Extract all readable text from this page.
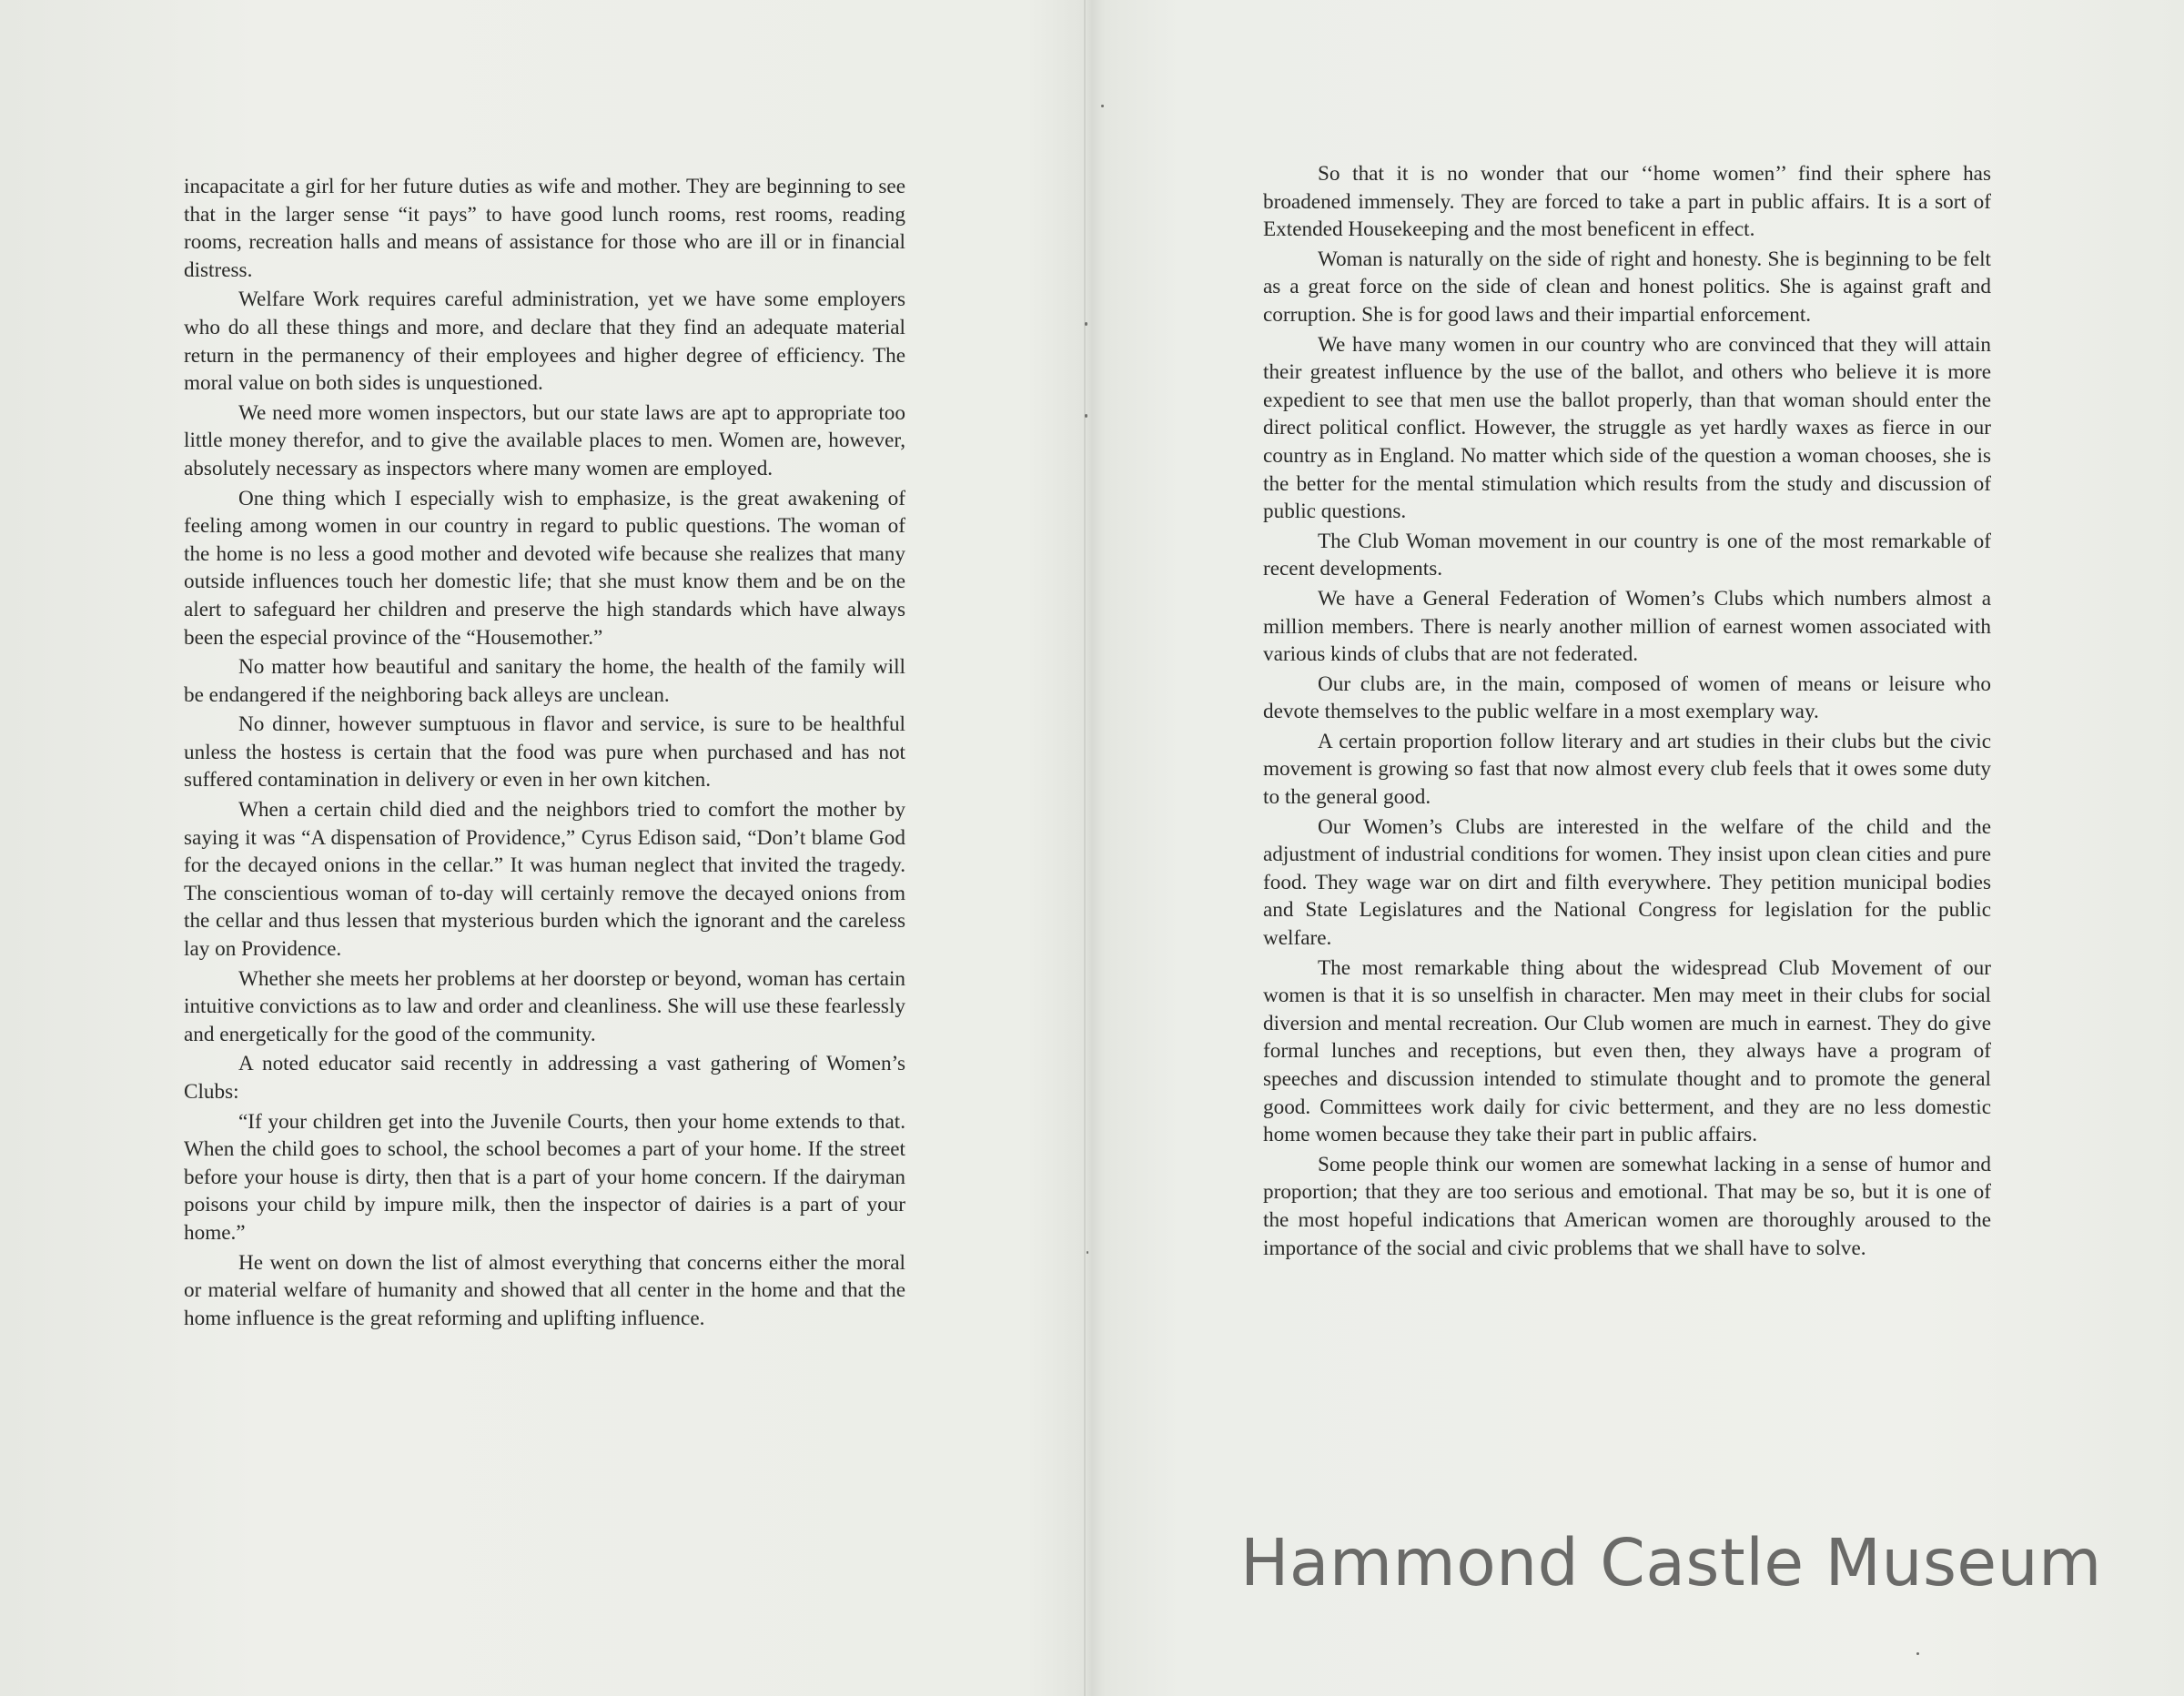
incapacitate a girl for her future duties as wife and mother. They are beginning to see that in the larger sense “it pays” to have good lunch rooms, rest rooms, reading rooms, recreation halls and means of assistance for those who are ill or in financial distress.

Welfare Work requires careful administration, yet we have some employers who do all these things and more, and declare that they find an adequate material return in the permanency of their employees and higher degree of efficiency. The moral value on both sides is unquestioned.

We need more women inspectors, but our state laws are apt to appropriate too little money therefor, and to give the available places to men. Women are, however, absolutely necessary as inspectors where many women are employed.

One thing which I especially wish to emphasize, is the great awakening of feeling among women in our country in regard to public questions. The woman of the home is no less a good mother and devoted wife because she realizes that many outside influences touch her domestic life; that she must know them and be on the alert to safeguard her children and preserve the high standards which have always been the especial province of the “Housemother.”

No matter how beautiful and sanitary the home, the health of the family will be endangered if the neighboring back alleys are unclean.

No dinner, however sumptuous in flavor and service, is sure to be healthful unless the hostess is certain that the food was pure when purchased and has not suffered contamination in delivery or even in her own kitchen.

When a certain child died and the neighbors tried to comfort the mother by saying it was “A dispensation of Providence,” Cyrus Edison said, “Don’t blame God for the decayed onions in the cellar.” It was human neglect that invited the tragedy. The conscientious woman of to-day will certainly remove the decayed onions from the cellar and thus lessen that mysterious burden which the ignorant and the careless lay on Providence.

Whether she meets her problems at her doorstep or beyond, woman has certain intuitive convictions as to law and order and cleanliness. She will use these fearlessly and energetically for the good of the community.

A noted educator said recently in addressing a vast gathering of Women’s Clubs:

“If your children get into the Juvenile Courts, then your home extends to that. When the child goes to school, the school becomes a part of your home. If the street before your house is dirty, then that is a part of your home concern. If the dairyman poisons your child by impure milk, then the inspector of dairies is a part of your home.”

He went on down the list of almost everything that concerns either the moral or material welfare of humanity and showed that all center in the home and that the home influence is the great reforming and uplifting influence.

So that it is no wonder that our ‘‘home women’’ find their sphere has broadened immensely. They are forced to take a part in public affairs. It is a sort of Extended Housekeeping and the most beneficent in effect.

Woman is naturally on the side of right and honesty. She is beginning to be felt as a great force on the side of clean and honest politics. She is against graft and corruption. She is for good laws and their impartial enforcement.

We have many women in our country who are convinced that they will attain their greatest influence by the use of the ballot, and others who believe it is more expedient to see that men use the ballot properly, than that woman should enter the direct political conflict. However, the struggle as yet hardly waxes as fierce in our country as in England. No matter which side of the question a woman chooses, she is the better for the mental stimulation which results from the study and discussion of public questions.

The Club Woman movement in our country is one of the most remarkable of recent developments.

We have a General Federation of Women’s Clubs which numbers almost a million members. There is nearly another million of earnest women associated with various kinds of clubs that are not federated.

Our clubs are, in the main, composed of women of means or leisure who devote themselves to the public welfare in a most exemplary way.

A certain proportion follow literary and art studies in their clubs but the civic movement is growing so fast that now almost every club feels that it owes some duty to the general good.

Our Women’s Clubs are interested in the welfare of the child and the adjustment of industrial conditions for women. They insist upon clean cities and pure food. They wage war on dirt and filth everywhere. They petition municipal bodies and State Legislatures and the National Congress for legislation for the public welfare.

The most remarkable thing about the widespread Club Movement of our women is that it is so unselfish in character. Men may meet in their clubs for social diversion and mental recreation. Our Club women are much in earnest. They do give formal lunches and receptions, but even then, they always have a program of speeches and discussion intended to stimulate thought and to promote the general good. Committees work daily for civic betterment, and they are no less domestic home women because they take their part in public affairs.

Some people think our women are somewhat lacking in a sense of humor and proportion; that they are too serious and emotional. That may be so, but it is one of the most hopeful indications that American women are thoroughly aroused to the importance of the social and civic problems that we shall have to solve.

Hammond Castle Museum
